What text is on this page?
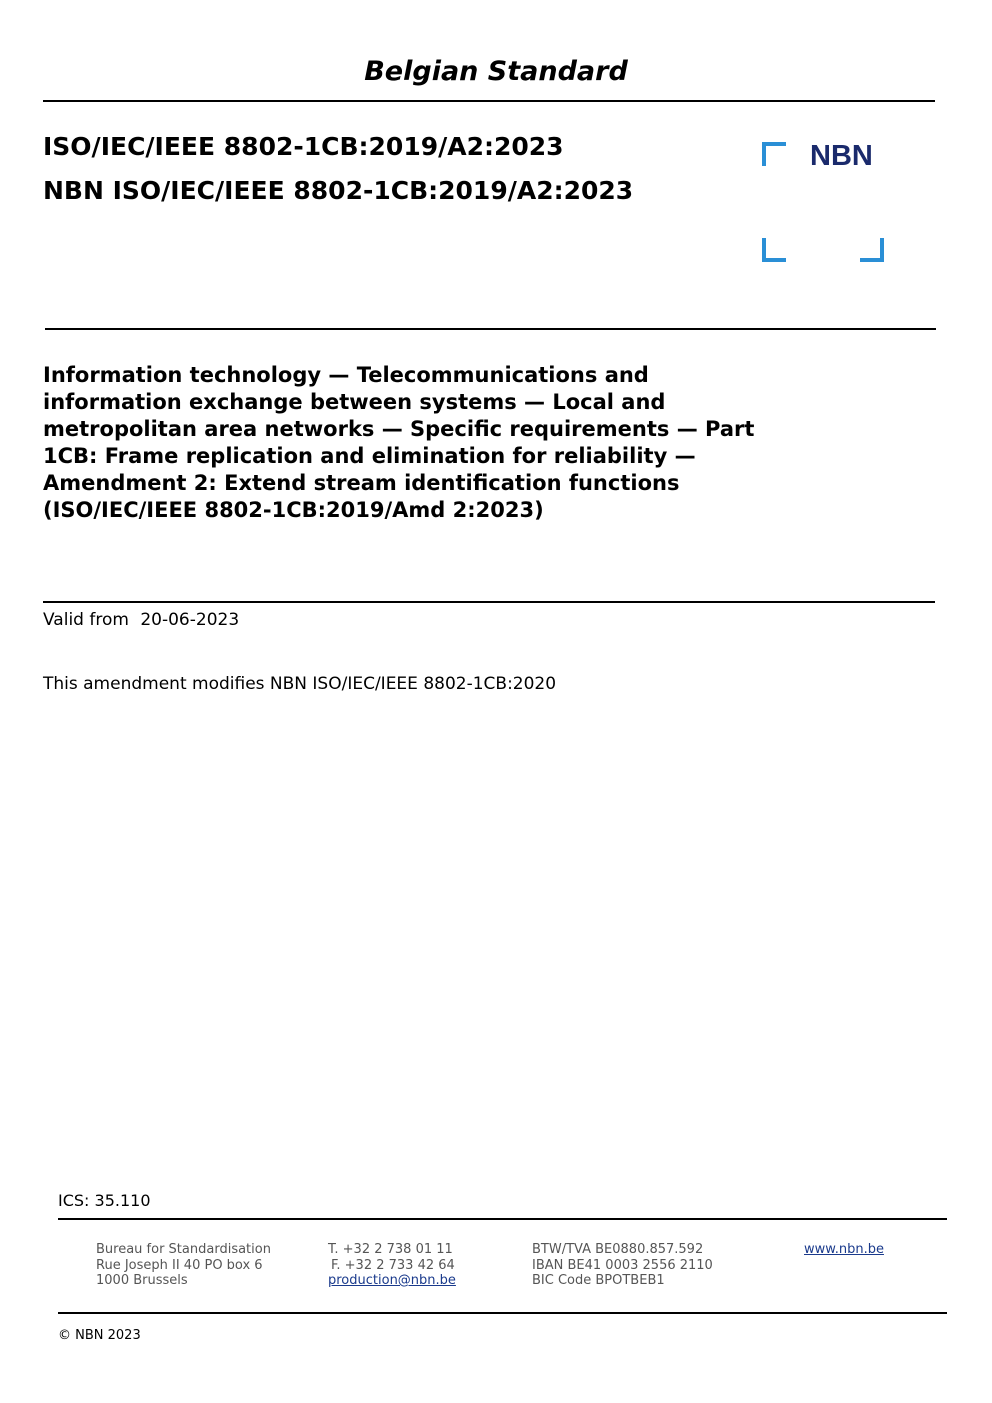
Belgian Standard
ISO/IEC/IEEE 8802-1CB:2019/A2:2023
NBN ISO/IEC/IEEE 8802-1CB:2019/A2:2023
NBN
Information technology — Telecommunications and
information exchange between systems — Local and
metropolitan area networks — Specific requirements — Part
1CB: Frame replication and elimination for reliability —
Amendment 2: Extend stream identification functions
(ISO/IEC/IEEE 8802-1CB:2019/Amd 2:2023)
Valid from 20-06-2023
This amendment modifies NBN ISO/IEC/IEEE 8802-1CB:2020
ICS: 35.110
Bureau for Standardisation
Rue Joseph II 40 PO box 6
1000 Brussels
T. +32 2 738 01 11
F. +32 2 733 42 64
production@nbn.be
BTW/TVA BE0880.857.592
IBAN BE41 0003 2556 2110
BIC Code BPOTBEB1
www.nbn.be
© NBN 2023
